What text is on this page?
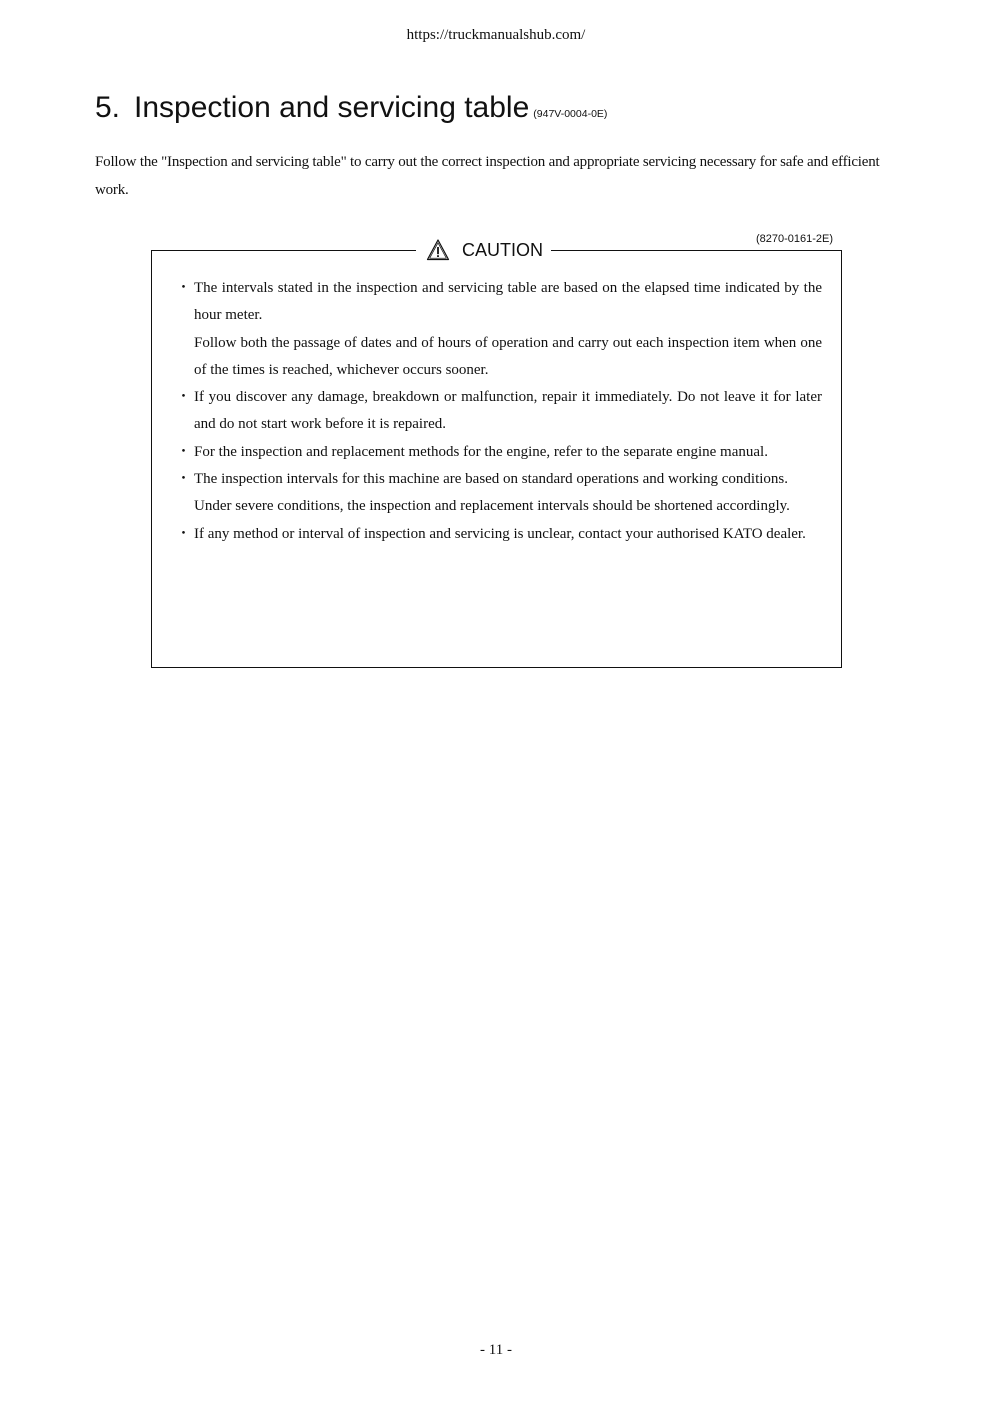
https://truckmanualshub.com/
5. Inspection and servicing table (947V-0004-0E)
Follow the "Inspection and servicing table" to carry out the correct inspection and appropriate servicing necessary for safe and efficient work.
(8270-0161-2E)
CAUTION
・ The intervals stated in the inspection and servicing table are based on the elapsed time indicated by the hour meter.

Follow both the passage of dates and of hours of operation and carry out each inspection item when one of the times is reached, whichever occurs sooner.

・ If you discover any damage, breakdown or malfunction, repair it immediately. Do not leave it for later and do not start work before it is repaired.

・ For the inspection and replacement methods for the engine, refer to the separate engine manual.

・ The inspection intervals for this machine are based on standard operations and working conditions.

Under severe conditions, the inspection and replacement intervals should be shortened accordingly.

・ If any method or interval of inspection and servicing is unclear, contact your authorised KATO dealer.

- 11 -
